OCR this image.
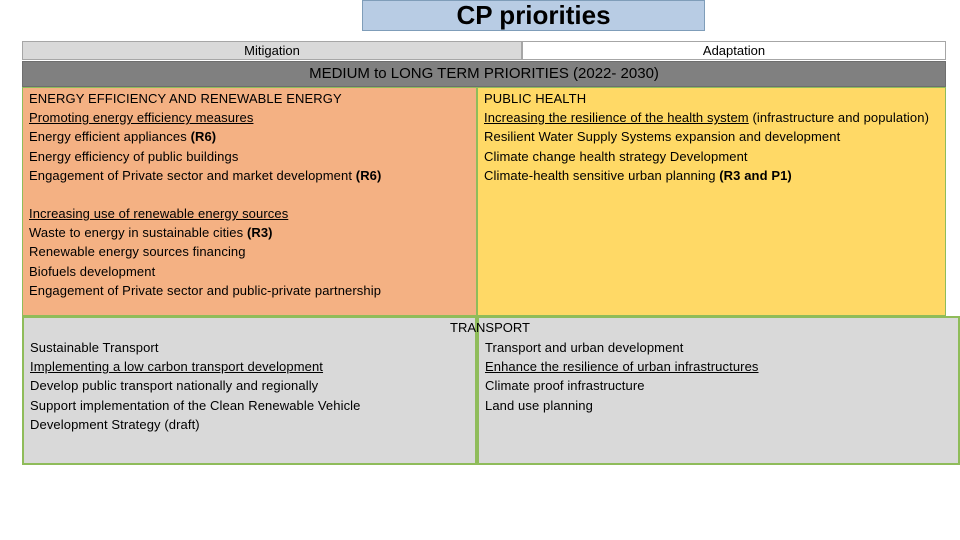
CP priorities
Mitigation	Adaptation
MEDIUM to LONG TERM PRIORITIES (2022- 2030)
ENERGY EFFICIENCY AND RENEWABLE ENERGY
Promoting energy efficiency measures
Energy efficient appliances (R6)
Energy efficiency of public buildings
Engagement of Private sector and market development (R6)
Increasing use of renewable energy sources
Waste to energy in sustainable cities (R3)
Renewable energy sources financing
Biofuels development
Engagement of Private sector and public-private partnership
PUBLIC HEALTH
Increasing the resilience of the health system (infrastructure and population)
Resilient Water Supply Systems expansion and development
Climate change health strategy Development
Climate-health sensitive urban planning (R3 and P1)
Sustainable Transport
Implementing a low carbon transport development
Develop public transport nationally and regionally
Support implementation of the Clean Renewable Vehicle Development Strategy (draft)
Transport and urban development
Enhance the resilience of urban infrastructures
Climate proof infrastructure
Land use planning
TRANSPORT
